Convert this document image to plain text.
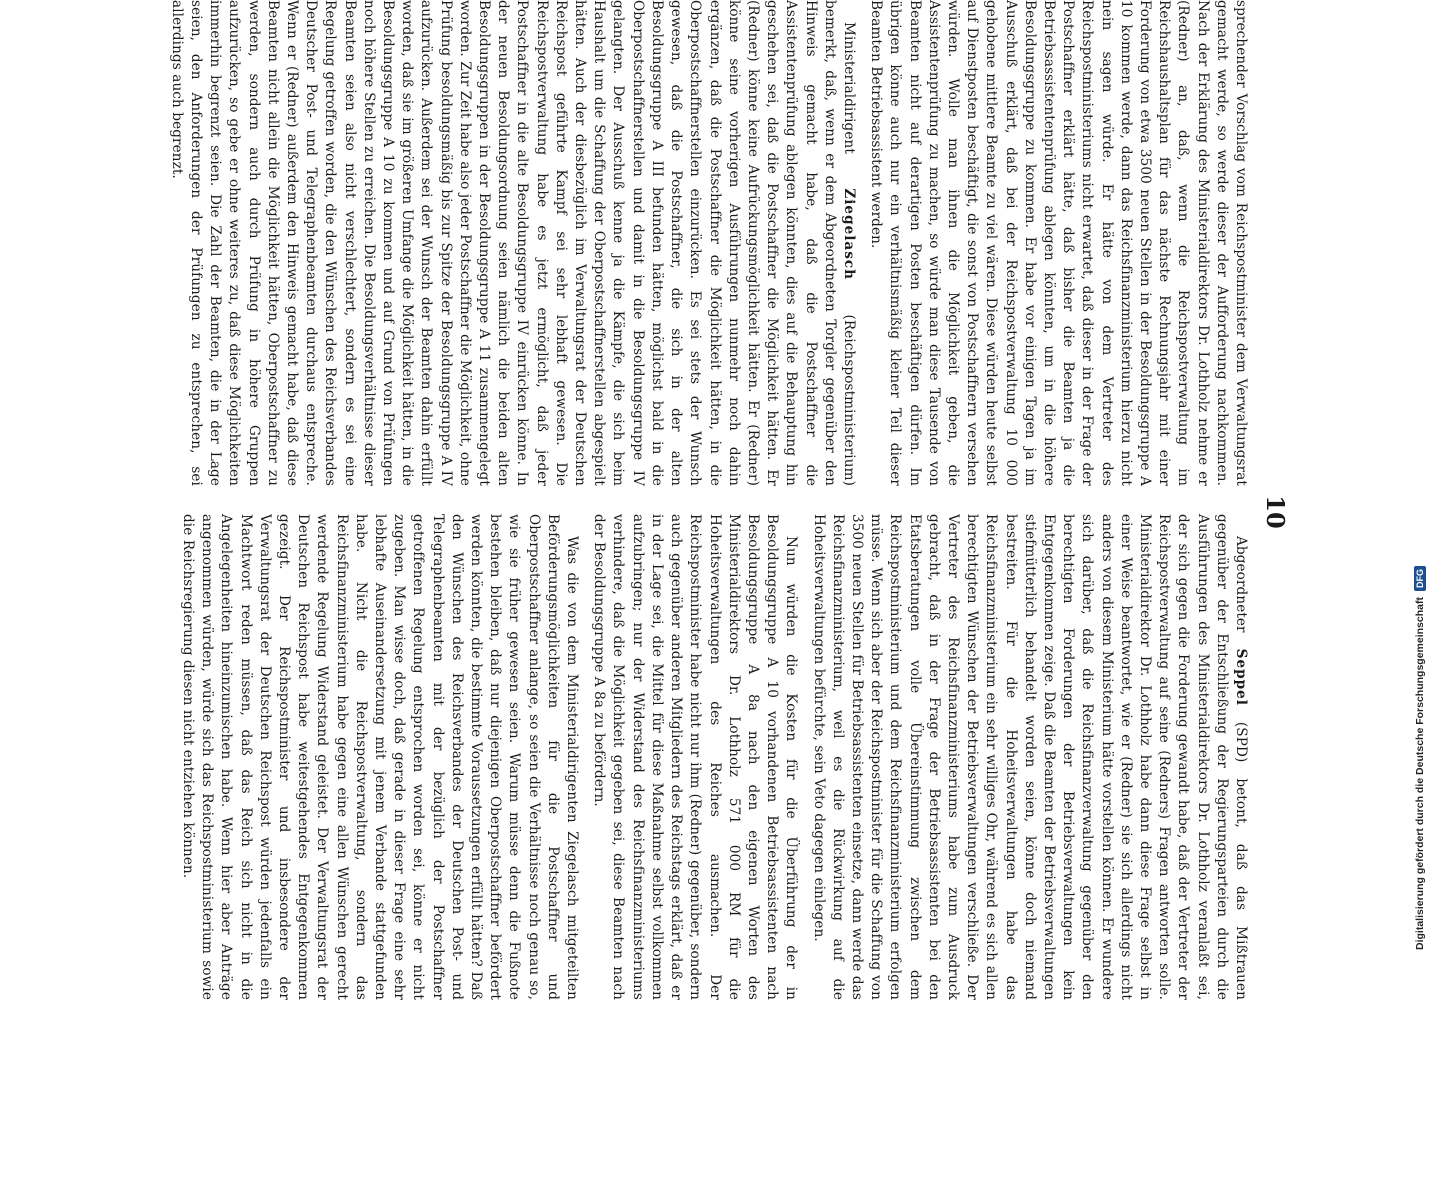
10

sprechender Vorschlag vom Reichspostminister dem Verwaltungsrat gemacht werde, so werde dieser der Aufforderung nachkommen. Nach der Erklärung des Ministerialdirektors Dr. Lothholz nehme er (Redner) an, daß, wenn die Reichspostverwaltung im Reichshaushaltsplan für das nächste Rechnungsjahr mit einer Forderung von etwa 3500 neuen Stellen in der Besoldungsgruppe A 10 kommen werde, dann das Reichsfinanzministerium hierzu nicht nein sagen würde. Er hätte von dem Vertreter des Reichspostministeriums nicht erwartet, daß dieser in der Frage der Postschaffner erklärt hätte, daß bisher die Beamten ja die Betriebsassistentenprüfung ablegen könnten, um in die höhere Besoldungsgruppe zu kommen. Er habe vor einigen Tagen ja im Ausschuß erklärt, daß bei der Reichspostverwaltung 10 000 gehobene mittlere Beamte zu viel wären. Diese würden heute selbst auf Dienstposten beschäftigt, die sonst von Postschaffnern versehen würden. Wolle man ihnen die Möglichkeit geben, die Assistentenprüfung zu machen, so würde man diese Tausende von Beamten nicht auf derartigen Posten beschäftigen dürfen. Im übrigen könne auch nur ein verhältnismäßig kleiner Teil dieser Beamten Betriebsassistent werden.

Ministerialdirigent Ziegelasch (Reichspostministerium) bemerkt, daß, wenn er dem Abgeordneten Torgler gegenüber den Hinweis gemacht habe, daß die Postschaffner die Assistentenprüfung ablegen könnten, dies auf die Behauptung hin geschehen sei, daß die Postschaffner die Möglichkeit hätten. Er (Redner) könne keine Aufrückungsmöglichkeit hätten. Er (Redner) könne seine vorherigen Ausführungen nunmehr noch dahin ergänzen, daß die Postschaffner die Möglichkeit hätten, in die Oberpostschaffnerstellen einzurücken. Es sei stets der Wunsch gewesen, daß die Postschaffner, die sich in der alten Besoldungsgruppe A III befunden hätten, möglichst bald in die Oberpostschaffnerstellen und damit in die Besoldungsgruppe IV gelangten. Der Ausschuß kenne ja die Kämpfe, die sich beim Haushalt um die Schaffung der Oberpostschaffnerstellen abgespielt hätten. Auch der diesbezüglich im Verwaltungsrat der Deutschen Reichspost geführte Kampf sei sehr lebhaft gewesen. Die Reichspostverwaltung habe es jetzt ermöglicht, daß jeder Postschaffner in die alte Besoldungsgruppe IV einrücken könne. In der neuen Besoldungsordnung seien nämlich die beiden alten Besoldungsgruppen in der Besoldungsgruppe A 11 zusammengelegt worden. Zur Zeit habe also jeder Postschaffner die Möglichkeit, ohne Prüfung besoldungsmäßig bis zur Spitze der Besoldungsgruppe A IV aufzurücken. Außerdem sei der Wunsch der Beamten dahin erfüllt worden, daß sie im größeren Umfange die Möglichkeit hätten, in die Besoldungsgruppe A 10 zu kommen und auf Grund von Prüfungen noch höhere Stellen zu erreichen. Die Besoldungsverhältnisse dieser Beamten seien also nicht verschlechtert, sondern es sei eine Regelung getroffen worden, die den Wünschen des Reichsverbandes Deutscher Post- und Telegraphenbeamten durchaus entspreche. Wenn er (Redner) außerdem den Hinweis gemacht habe, daß diese Beamten nicht allein die Möglichkeit hätten, Oberpostschaffner zu werden, sondern auch durch Prüfung in höhere Gruppen aufzurücken, so gebe er ohne weiteres zu, daß diese Möglichkeiten immerhin begrenzt seien. Die Zahl der Beamten, die in der Lage seien, den Anforderungen der Prüfungen zu entsprechen, sei allerdings auch begrenzt.

Abgeordneter Seppel (SPD) betont, daß das Mißtrauen gegenüber der Entschließung der Regierungsparteien durch die Ausführungen des Ministerialdirektors Dr. Lothholz veranlaßt sei, der sich gegen die Forderung gewandt habe, daß der Vertreter der Reichspostverwaltung auf seine (Redners) Fragen antworten solle. Ministerialdirektor Dr. Lothholz habe dann diese Frage selbst in einer Weise beantwortet, wie er (Redner) sie sich allerdings nicht anders von diesem Ministerium hätte vorstellen können. Er wundere sich darüber, daß die Reichsfinanzverwaltung gegenüber den berechtigten Forderungen der Betriebsverwaltungen kein Entgegenkommen zeige. Daß die Beamten der Betriebsverwaltungen stiefmütterlich behandelt worden seien, könne doch niemand bestreiten. Für die Hoheitsverwaltungen habe das Reichsfinanzministerium ein sehr williges Ohr, während es sich allen berechtigten Wünschen der Betriebsverwaltungen verschließe. Der Vertreter des Reichsfinanzministeriums habe zum Ausdruck gebracht, daß in der Frage der Betriebsassistenten bei den Etatsberatungen volle Übereinstimmung zwischen dem Reichspostministerium und dem Reichsfinanzministerium erfolgen müsse. Wenn sich aber der Reichspostminister für die Schaffung von 3500 neuen Stellen für Betriebsassistenten einsetze, dann werde das Reichsfinanzministerium, weil es die Rückwirkung auf die Hoheitsverwaltungen befürchte, sein Veto dagegen einlegen.

Nun würden die Kosten für die Überführung der in Besoldungsgruppe A 10 vorhandenen Betriebsassistenten nach Besoldungsgruppe A 8a nach den eigenen Worten des Ministerialdirektors Dr. Lothholz 571 000 RM für die Hoheitsverwaltungen des Reiches ausmachen. Der Reichspostminister habe nicht nur ihm (Redner) gegenüber, sondern auch gegenüber anderen Mitgliedern des Reichstags erklärt, daß er in der Lage sei, die Mittel für diese Maßnahme selbst vollkommen aufzubringen; nur der Widerstand des Reichsfinanzministeriums verhindere, daß die Möglichkeit gegeben sei, diese Beamten nach der Besoldungsgruppe A 8a zu befördern.

Was die von dem Ministerialdirigenten Ziegelasch mitgeteilten Beförderungsmöglichkeiten für die Postschaffner und Oberpostschaffner anlange, so seien die Verhältnisse noch genau so, wie sie früher gewesen seien. Warum müsse denn die Fußnote bestehen bleiben, daß nur diejenigen Oberpostschaffner befördert werden könnten, die bestimmte Voraussetzungen erfüllt hätten? Daß den Wünschen des Reichsverbandes der Deutschen Post- und Telegraphenbeamten mit der bezüglich der Postschaffner getroffenen Regelung entsprochen worden sei, könne er nicht zugeben. Man wisse doch, daß gerade in dieser Frage eine sehr lebhafte Auseinandersetzung mit jenem Verbande stattgefunden habe. Nicht die Reichspostverwaltung, sondern das Reichsfinanzministerium habe gegen eine allen Wünschen gerecht werdende Regelung Widerstand geleistet. Der Verwaltungsrat der Deutschen Reichspost habe weitestgehendes Entgegenkommen gezeigt. Der Reichspostminister und insbesondere der Verwaltungsrat der Deutschen Reichspost würden jedenfalls ein Machtwort reden müssen, daß das Reich sich nicht in die Angelegenheiten hineinzumischen habe. Wenn hier aber Anträge angenommen würden, würde sich das Reichspostministerium sowie die Reichsregierung diesen nicht entziehen können.	Digitalisierung gefördert durch die Deutsche Forschungsgemeinschaft
DFG
